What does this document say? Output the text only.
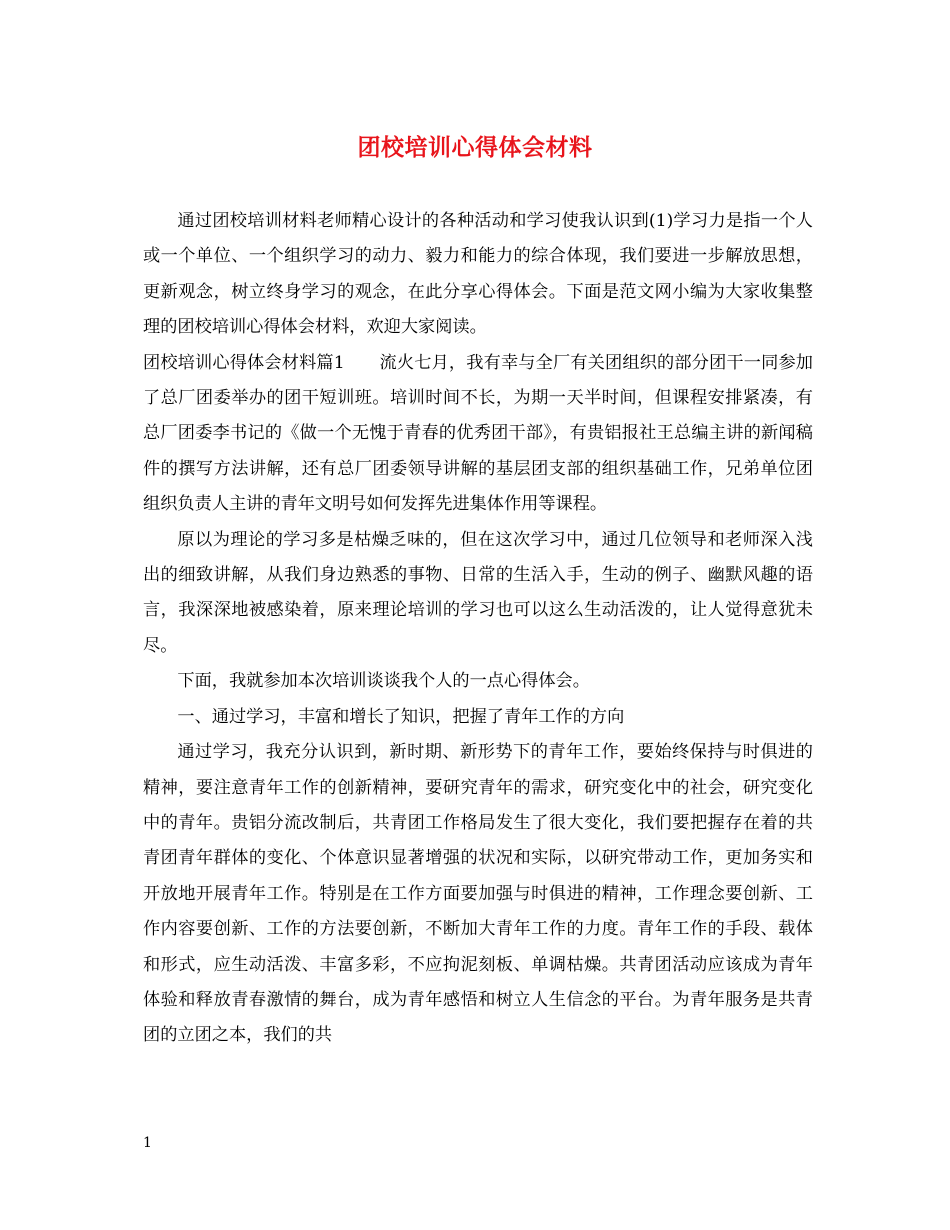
团校培训心得体会材料

通过团校培训材料老师精心设计的各种活动和学习使我认识到(1)学习力是指一个人或一个单位、一个组织学习的动力、毅力和能力的综合体现，我们要进一步解放思想，更新观念，树立终身学习的观念，在此分享心得体会。下面是范文网小编为大家收集整理的团校培训心得体会材料，欢迎大家阅读。

团校培训心得体会材料篇1　　流火七月，我有幸与全厂有关团组织的部分团干一同参加了总厂团委举办的团干短训班。培训时间不长，为期一天半时间，但课程安排紧凑，有总厂团委李书记的《做一个无愧于青春的优秀团干部》，有贵铝报社王总编主讲的新闻稿件的撰写方法讲解，还有总厂团委领导讲解的基层团支部的组织基础工作，兄弟单位团组织负责人主讲的青年文明号如何发挥先进集体作用等课程。

原以为理论的学习多是枯燥乏味的，但在这次学习中，通过几位领导和老师深入浅出的细致讲解，从我们身边熟悉的事物、日常的生活入手，生动的例子、幽默风趣的语言，我深深地被感染着，原来理论培训的学习也可以这么生动活泼的，让人觉得意犹未尽。

下面，我就参加本次培训谈谈我个人的一点心得体会。

一、通过学习，丰富和增长了知识，把握了青年工作的方向

通过学习，我充分认识到，新时期、新形势下的青年工作，要始终保持与时俱进的精神，要注意青年工作的创新精神，要研究青年的需求，研究变化中的社会，研究变化中的青年。贵铝分流改制后，共青团工作格局发生了很大变化，我们要把握存在着的共青团青年群体的变化、个体意识显著增强的状况和实际，以研究带动工作，更加务实和开放地开展青年工作。特别是在工作方面要加强与时俱进的精神，工作理念要创新、工作内容要创新、工作的方法要创新，不断加大青年工作的力度。青年工作的手段、载体和形式，应生动活泼、丰富多彩，不应拘泥刻板、单调枯燥。共青团活动应该成为青年体验和释放青春激情的舞台，成为青年感悟和树立人生信念的平台。为青年服务是共青团的立团之本，我们的共

1
